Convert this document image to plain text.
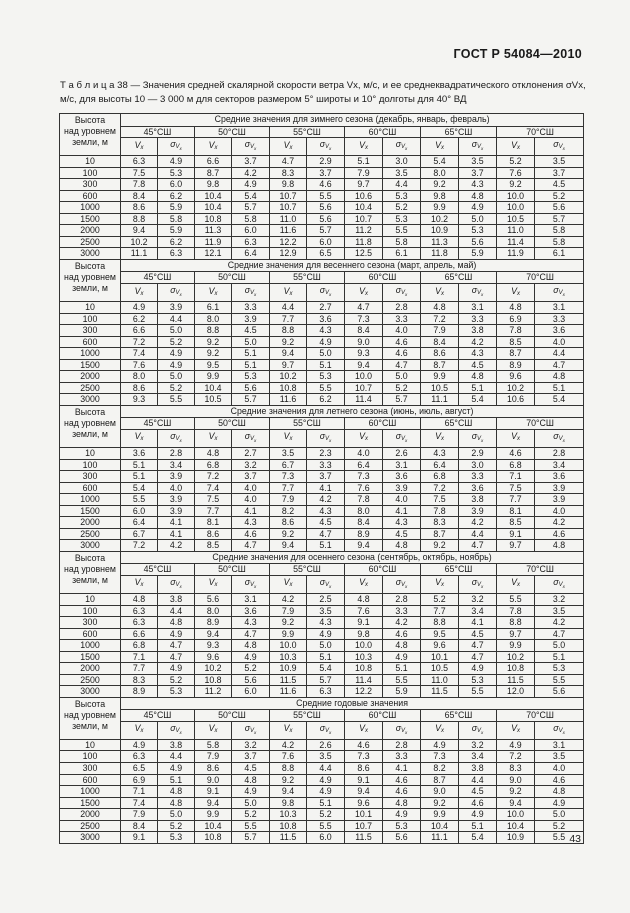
ГОСТ Р 54084—2010
Т а б л и ц а 38 — Значения средней скалярной скорости ветра Vх, м/с, и ее среднеквадратического отклонения σVх,
м/с, для высоты 10 — 3 000 м для секторов размером 5° широты и 10° долготы для 40° ВД
Высота
над уровнем
земли, м	Средние значения для зимнего сезона (декабрь, январь, февраль)											
	45°СШ		50°СШ		55°СШ		60°СШ		65°СШ		70°СШ	
	Vx	$\sigma V_x$	Vx	$\sigma V_x$	Vx	$\sigma V_x$	Vx	$\sigma V_x$	Vx	$\sigma V_x$	Vx	$\sigma V_x$
10	6.3	4.9	6.6	3.7	4.7	2.9	5.1	3.0	5.4	3.5	5.2	3.5
100	7.5	5.3	8.7	4.2	8.3	3.7	7.9	3.5	8.0	3.7	7.6	3.7
300	7.8	6.0	9.8	4.9	9.8	4.6	9.7	4.4	9.2	4.3	9.2	4.5
600	8.4	6.2	10.4	5.4	10.7	5.5	10.6	5.3	9.8	4.8	10.0	5.2
1000	8.6	5.9	10.4	5.7	10.7	5.6	10.4	5.2	9.9	4.9	10.0	5.6
1500	8.8	5.8	10.8	5.8	11.0	5.6	10.7	5.3	10.2	5.0	10.5	5.7
2000	9.4	5.9	11.3	6.0	11.6	5.7	11.2	5.5	10.9	5.3	11.0	5.8
2500	10.2	6.2	11.9	6.3	12.2	6.0	11.8	5.8	11.3	5.6	11.4	5.8
3000	11.1	6.3	12.1	6.4	12.9	6.5	12.5	6.1	11.8	5.9	11.9	6.1

Высота
над уровнем
земли, м	Средние значения для весеннего сезона (март, апрель, май)											
	45°СШ		50°СШ		55°СШ		60°СШ		65°СШ		70°СШ	
	Vx	$\sigma V_x$	Vx	$\sigma V_x$	Vx	$\sigma V_x$	Vx	$\sigma V_x$	Vx	$\sigma V_x$	Vx	$\sigma V_x$
10	4.9	3.9	6.1	3.3	4.4	2.7	4.7	2.8	4.8	3.1	4.8	3.1
100	6.2	4.4	8.0	3.9	7.7	3.6	7.3	3.3	7.2	3.3	6.9	3.3
300	6.6	5.0	8.8	4.5	8.8	4.3	8.4	4.0	7.9	3.8	7.8	3.6
600	7.2	5.2	9.2	5.0	9.2	4.9	9.0	4.6	8.4	4.2	8.5	4.0
1000	7.4	4.9	9.2	5.1	9.4	5.0	9.3	4.6	8.6	4.3	8.7	4.4
1500	7.6	4.9	9.5	5.1	9.7	5.1	9.4	4.7	8.7	4.5	8.9	4.7
2000	8.0	5.0	9.9	5.3	10.2	5.3	10.0	5.0	9.9	4.8	9.6	4.8
2500	8.6	5.2	10.4	5.6	10.8	5.5	10.7	5.2	10.5	5.1	10.2	5.1
3000	9.3	5.5	10.5	5.7	11.6	6.2	11.4	5.7	11.1	5.4	10.6	5.4

Высота
над уровнем
земли, м	Средние значения для летнего сезона (июнь, июль, август)											
	45°СШ		50°СШ		55°СШ		60°СШ		65°СШ		70°СШ	
	Vx	$\sigma V_x$	Vx	$\sigma V_x$	Vx	$\sigma V_x$	Vx	$\sigma V_x$	Vx	$\sigma V_x$	Vx	$\sigma V_x$
10	3.6	2.8	4.8	2.7	3.5	2.3	4.0	2.6	4.3	2.9	4.6	2.8
100	5.1	3.4	6.8	3.2	6.7	3.3	6.4	3.1	6.4	3.0	6.8	3.4
300	5.1	3.9	7.2	3.7	7.3	3.7	7.3	3.6	6.8	3.3	7.1	3.6
600	5.4	4.0	7.4	4.0	7.7	4.1	7.6	3.9	7.2	3.6	7.5	3.9
1000	5.5	3.9	7.5	4.0	7.9	4.2	7.8	4.0	7.5	3.8	7.7	3.9
1500	6.0	3.9	7.7	4.1	8.2	4.3	8.0	4.1	7.8	3.9	8.1	4.0
2000	6.4	4.1	8.1	4.3	8.6	4.5	8.4	4.3	8.3	4.2	8.5	4.2
2500	6.7	4.1	8.6	4.6	9.2	4.7	8.9	4.5	8.7	4.4	9.1	4.6
3000	7.2	4.2	8.5	4.7	9.4	5.1	9.4	4.8	9.2	4.7	9.7	4.8

Высота
над уровнем
земли, м	Средние значения для осеннего сезона (сентябрь, октябрь, ноябрь)											
	45°СШ		50°СШ		55°СШ		60°СШ		65°СШ		70°СШ	
	Vx	$\sigma V_x$	Vx	$\sigma V_x$	Vx	$\sigma V_x$	Vx	$\sigma V_x$	Vx	$\sigma V_x$	Vx	$\sigma V_x$
10	4.8	3.8	5.6	3.1	4.2	2.5	4.8	2.8	5.2	3.2	5.5	3.2
100	6.3	4.4	8.0	3.6	7.9	3.5	7.6	3.3	7.7	3.4	7.8	3.5
300	6.3	4.8	8.9	4.3	9.2	4.3	9.1	4.2	8.8	4.1	8.8	4.2
600	6.6	4.9	9.4	4.7	9.9	4.9	9.8	4.6	9.5	4.5	9.7	4.7
1000	6.8	4.7	9.3	4.8	10.0	5.0	10.0	4.8	9.6	4.7	9.9	5.0
1500	7.1	4.7	9.6	4.9	10.3	5.1	10.3	4.9	10.1	4.7	10.2	5.1
2000	7.7	4.9	10.2	5.2	10.9	5.4	10.8	5.1	10.5	4.9	10.8	5.3
2500	8.3	5.2	10.8	5.6	11.5	5.7	11.4	5.5	11.0	5.3	11.5	5.5
3000	8.9	5.3	11.2	6.0	11.6	6.3	12.2	5.9	11.5	5.5	12.0	5.6

Высота
над уровнем
земли, м	Средние годовые значения											
	45°СШ		50°СШ		55°СШ		60°СШ		65°СШ		70°СШ	
	Vx	$\sigma V_x$	Vx	$\sigma V_x$	Vx	$\sigma V_x$	Vx	$\sigma V_x$	Vx	$\sigma V_x$	Vx	$\sigma V_x$
10	4.9	3.8	5.8	3.2	4.2	2.6	4.6	2.8	4.9	3.2	4.9	3.1
100	6.3	4.4	7.9	3.7	7.6	3.5	7.3	3.3	7.3	3.4	7.2	3.5
300	6.5	4.9	8.6	4.5	8.8	4.4	8.6	4.1	8.2	3.8	8.3	4.0
600	6.9	5.1	9.0	4.8	9.2	4.9	9.1	4.6	8.7	4.4	9.0	4.6
1000	7.1	4.8	9.1	4.9	9.4	4.9	9.4	4.6	9.0	4.5	9.2	4.8
1500	7.4	4.8	9.4	5.0	9.8	5.1	9.6	4.8	9.2	4.6	9.4	4.9
2000	7.9	5.0	9.9	5.2	10.3	5.2	10.1	4.9	9.9	4.9	10.0	5.0
2500	8.4	5.2	10.4	5.5	10.8	5.5	10.7	5.3	10.4	5.1	10.4	5.2
3000	9.1	5.3	10.8	5.7	11.5	6.0	11.5	5.6	11.1	5.4	10.9	5.5 43
